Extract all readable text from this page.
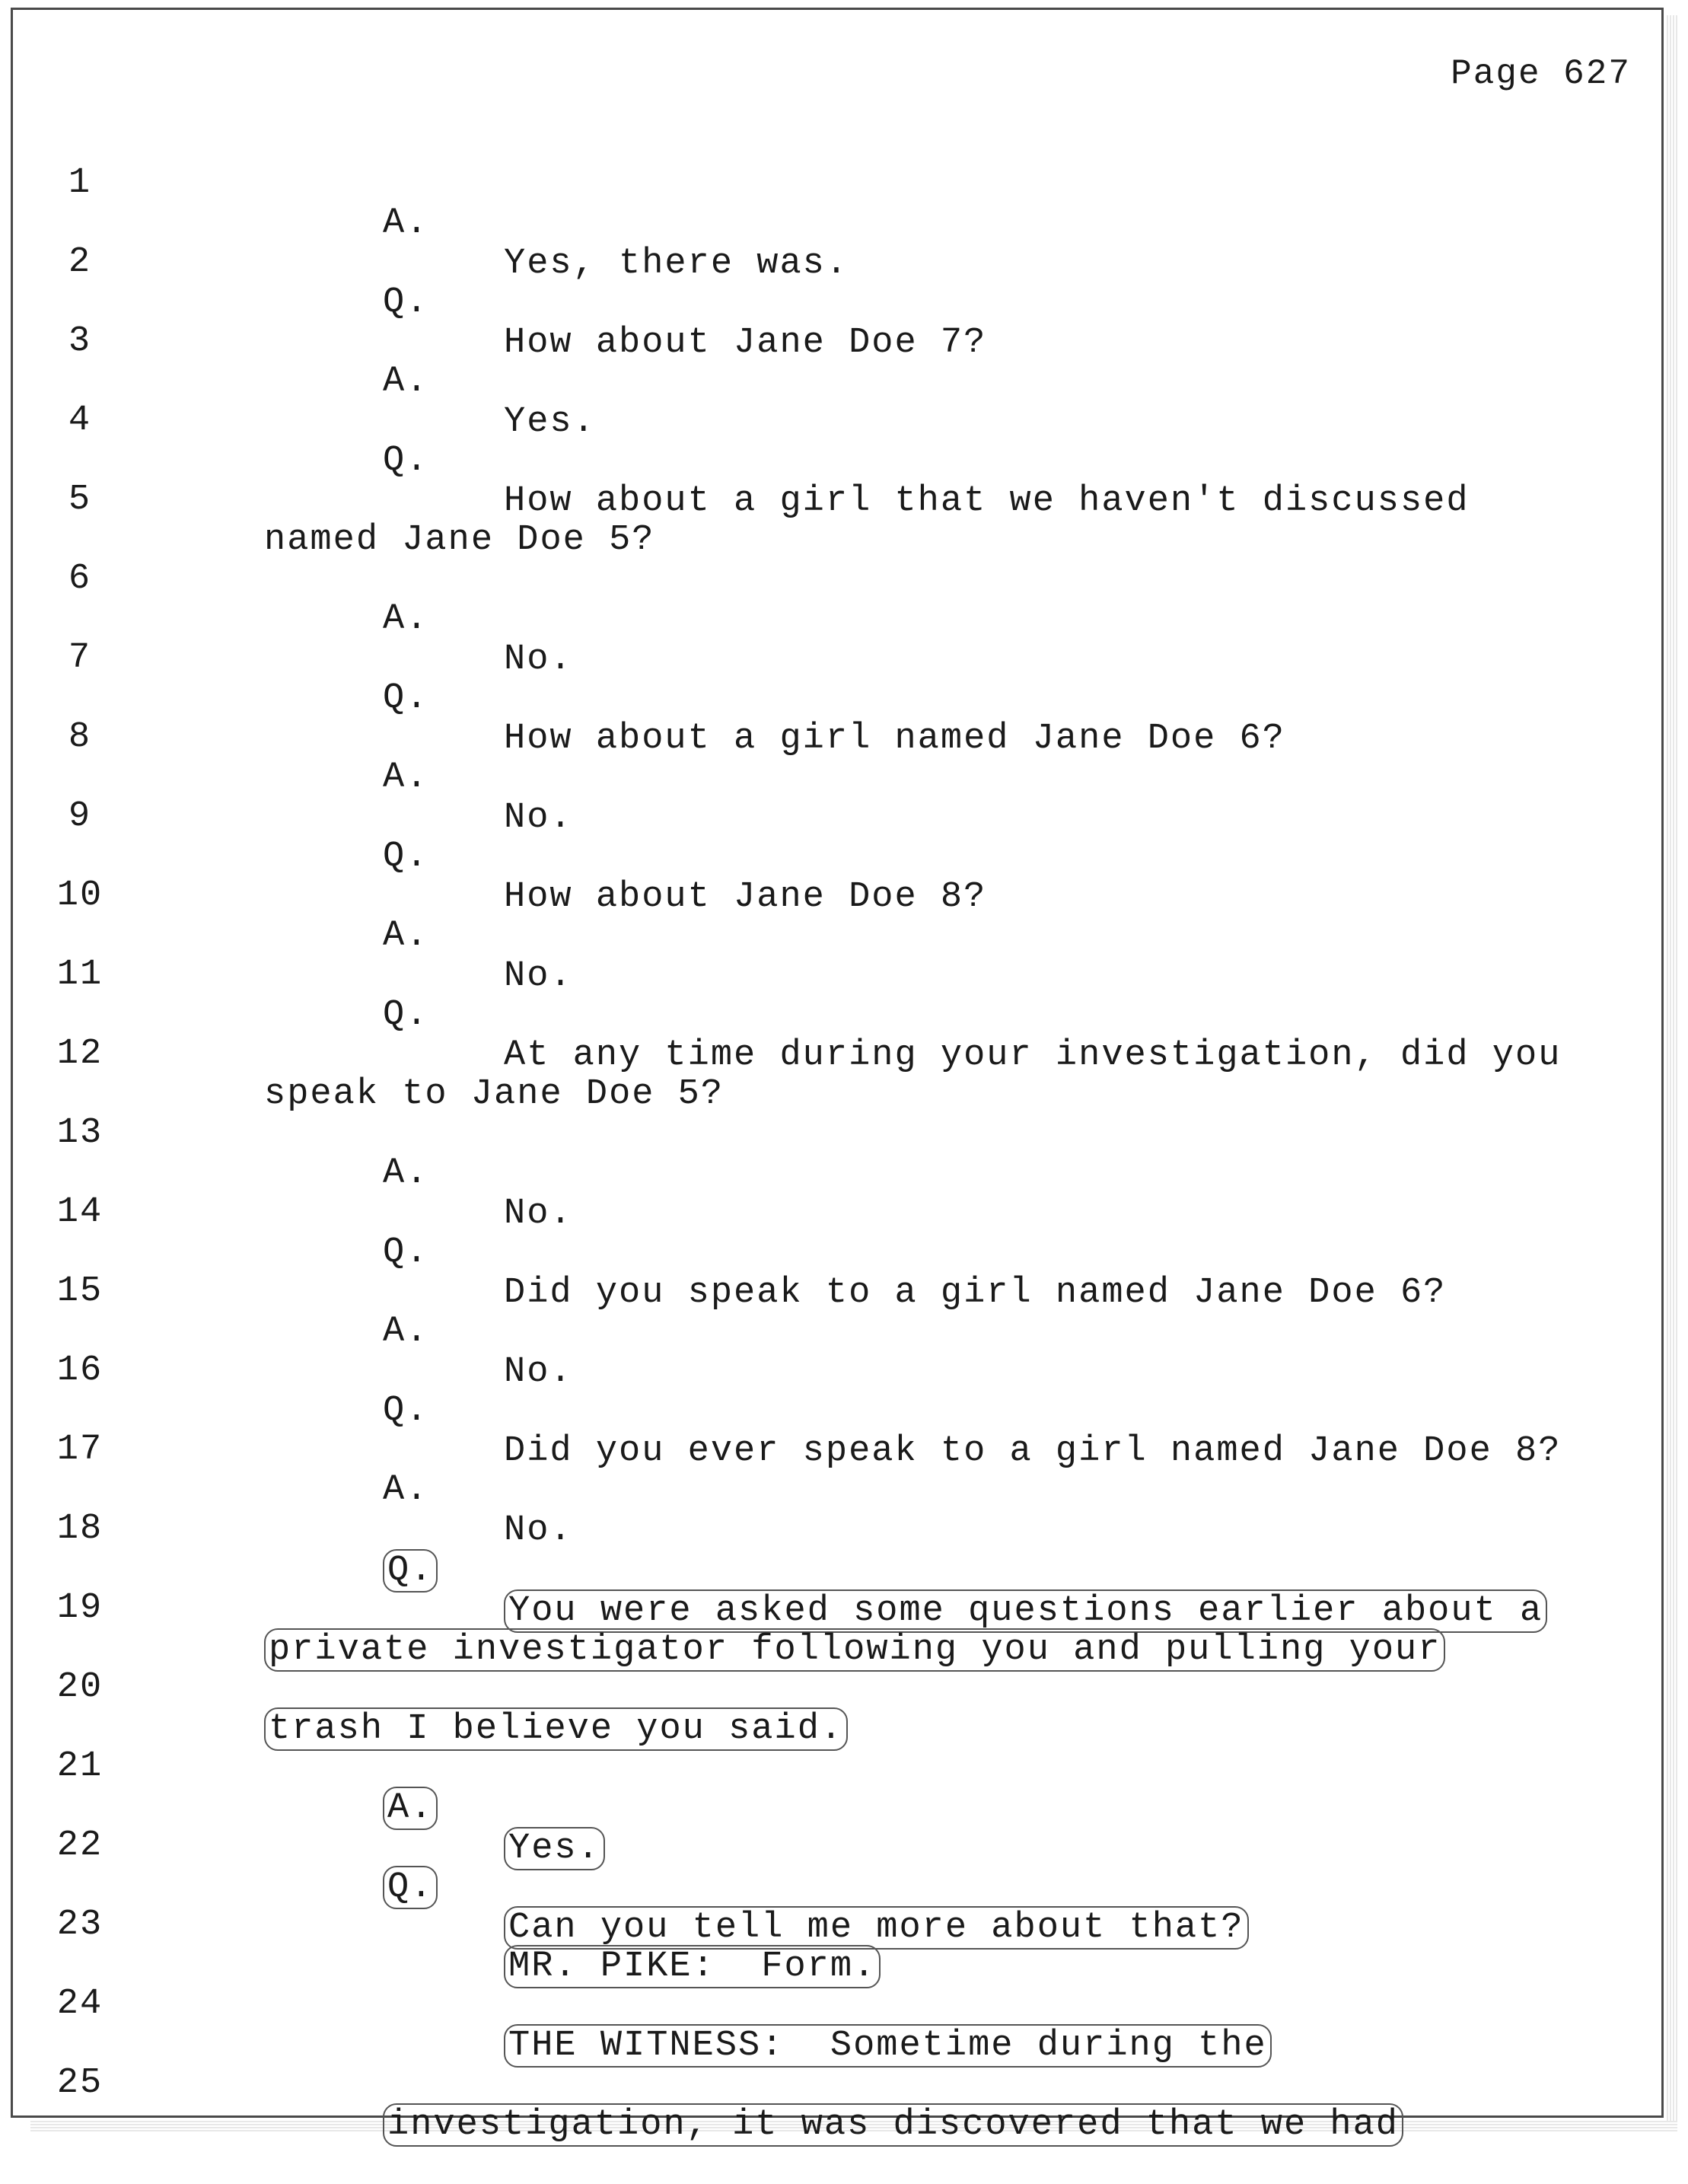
Page 627

1

A.

Yes, there was.

2

Q.

How about Jane Doe 7?

3

A.

Yes.

4

Q.

How about a girl that we haven't discussed

5

named Jane Doe 5?

6

A.

No.

7

Q.

How about a girl named Jane Doe 6?

8

A.

No.

9

Q.

How about Jane Doe 8?

10

A.

No.

11

Q.

At any time during your investigation, did you

12

speak to Jane Doe 5?

13

A.

No.

14

Q.

Did you speak to a girl named Jane Doe 6?

15

A.

No.

16

Q.

Did you ever speak to a girl named Jane Doe 8?

17

A.

No.

18

Q.

You were asked some questions earlier about a

19

private investigator following you and pulling your

20

trash I believe you said.

21

A.

Yes.

22

Q.

Can you tell me more about that?

23

MR. PIKE:  Form.

24

THE WITNESS:  Sometime during the

25

investigation, it was discovered that we had
